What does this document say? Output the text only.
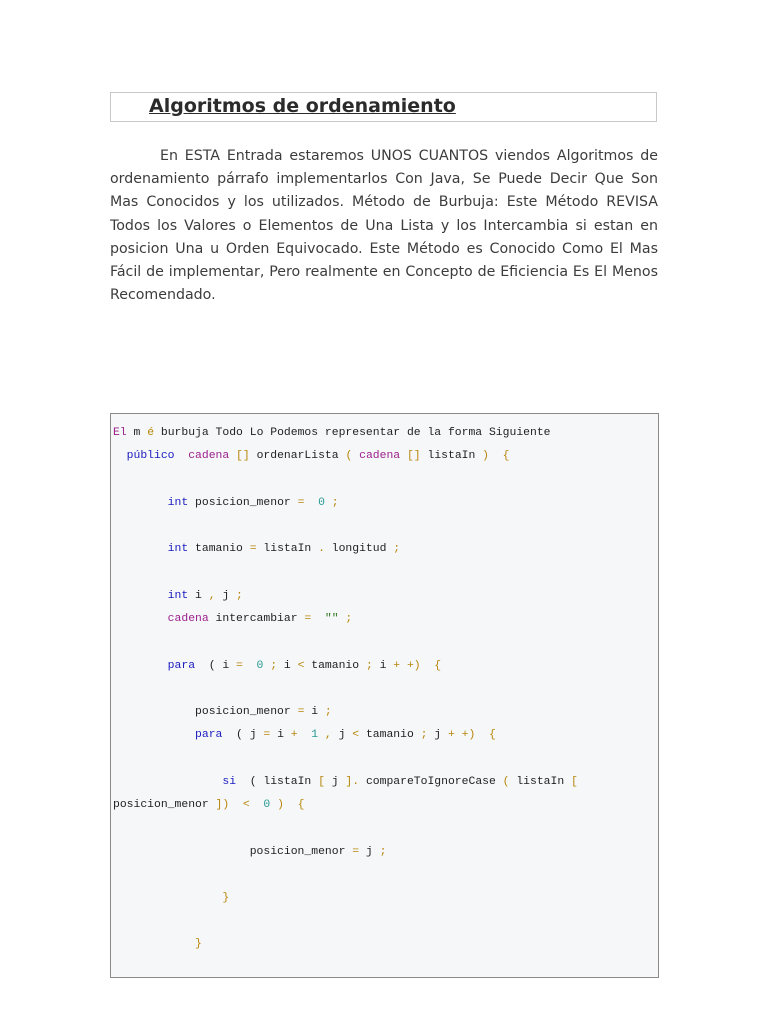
Algoritmos de ordenamiento

En ESTA Entrada estaremos UNOS CUANTOS viendos Algoritmos de ordenamiento párrafo implementarlos Con Java, Se Puede Decir Que Son Mas Conocidos y los utilizados. Método de Burbuja: Este Método REVISA Todos los Valores o Elementos de Una Lista y los Intercambia si estan en posicion Una u Orden Equivocado. Este Método es Conocido Como El Mas Fácil de implementar, Pero realmente en Concepto de Eficiencia Es El Menos Recomendado.

El m é burbuja Todo Lo Podemos representar de la forma Siguiente
público  cadena [] ordenarLista ( cadena [] listaIn )  {
int posicion_menor =  0 ;
int tamanio = listaIn . longitud ;
int i , j ;
cadena intercambiar =  "" ;
para  ( i =  0 ; i < tamanio ; i + +)  {
posicion_menor = i ;
para  ( j = i +  1 , j < tamanio ; j + +)  {
si  ( listaIn [ j ]. compareToIgnoreCase ( listaIn [
posicion_menor ])  <  0 )  {
posicion_menor = j ;
}
}
